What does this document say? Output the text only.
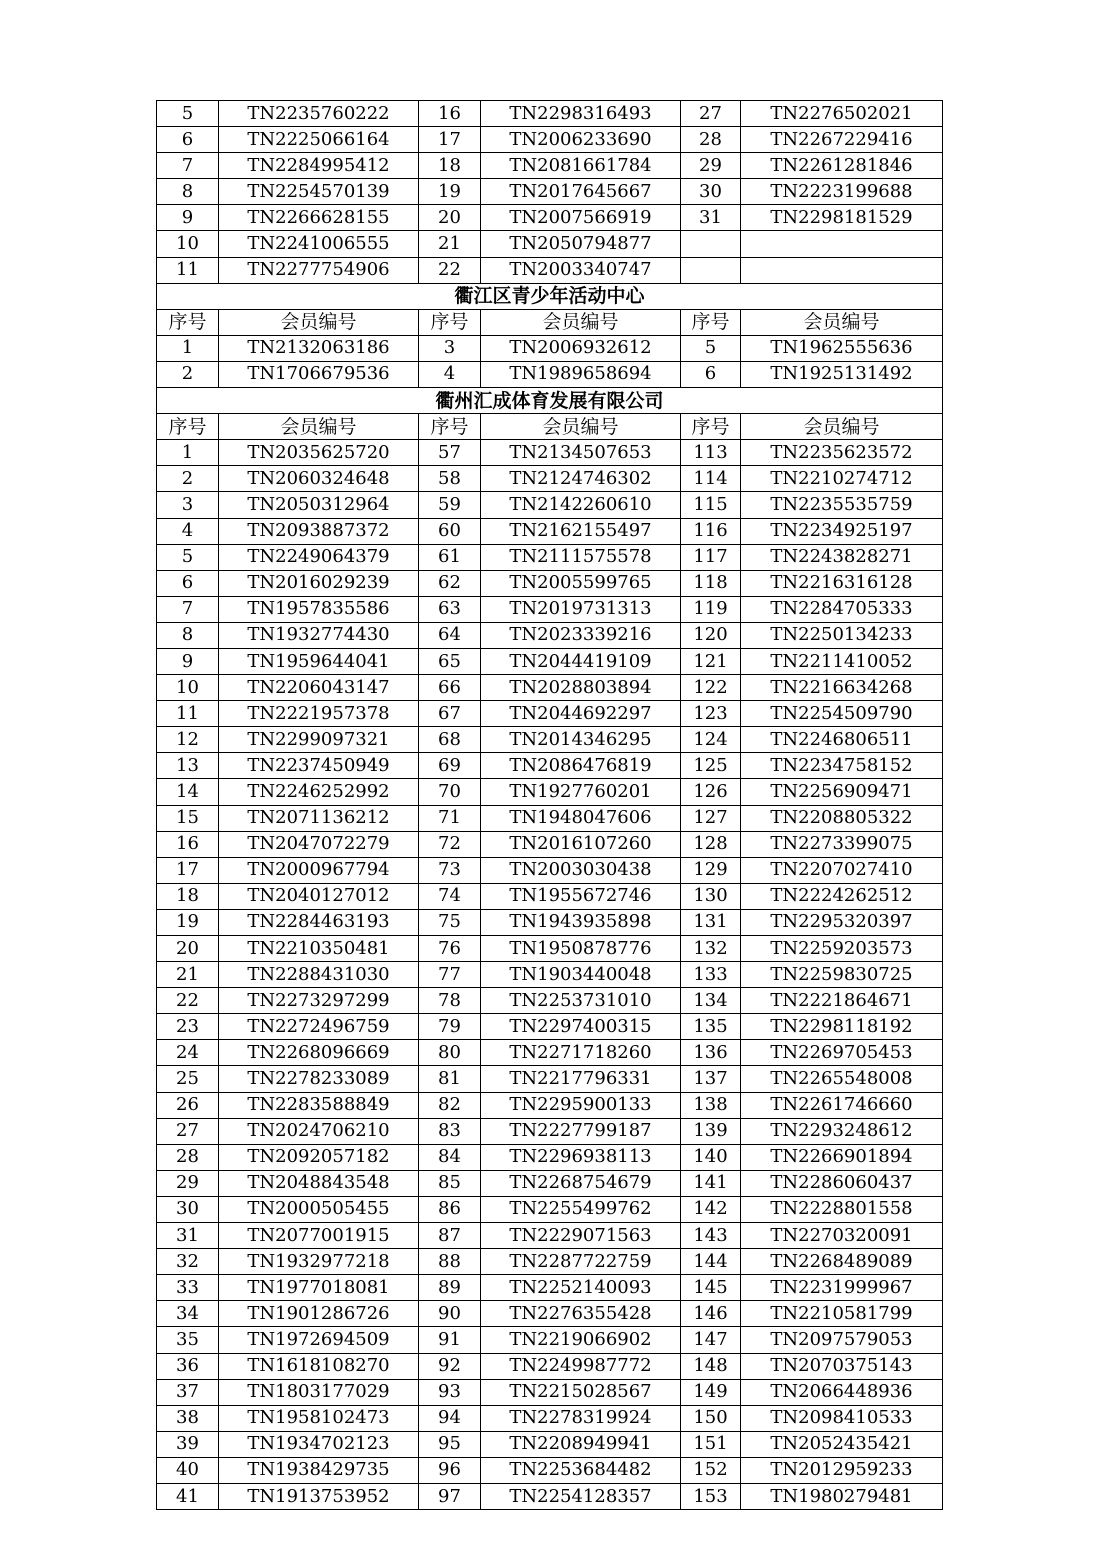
5	TN2235760222	16	TN2298316493	27	TN2276502021
6	TN2225066164	17	TN2006233690	28	TN2267229416
7	TN2284995412	18	TN2081661784	29	TN2261281846
8	TN2254570139	19	TN2017645667	30	TN2223199688
9	TN2266628155	20	TN2007566919	31	TN2298181529
10	TN2241006555	21	TN2050794877		
11	TN2277754906	22	TN2003340747		
衢江区青少年活动中心					
序号	会员编号	序号	会员编号	序号	会员编号
1	TN2132063186	3	TN2006932612	5	TN1962555636
2	TN1706679536	4	TN1989658694	6	TN1925131492
衢州汇成体育发展有限公司					
序号	会员编号	序号	会员编号	序号	会员编号
1	TN2035625720	57	TN2134507653	113	TN2235623572
2	TN2060324648	58	TN2124746302	114	TN2210274712
3	TN2050312964	59	TN2142260610	115	TN2235535759
4	TN2093887372	60	TN2162155497	116	TN2234925197
5	TN2249064379	61	TN2111575578	117	TN2243828271
6	TN2016029239	62	TN2005599765	118	TN2216316128
7	TN1957835586	63	TN2019731313	119	TN2284705333
8	TN1932774430	64	TN2023339216	120	TN2250134233
9	TN1959644041	65	TN2044419109	121	TN2211410052
10	TN2206043147	66	TN2028803894	122	TN2216634268
11	TN2221957378	67	TN2044692297	123	TN2254509790
12	TN2299097321	68	TN2014346295	124	TN2246806511
13	TN2237450949	69	TN2086476819	125	TN2234758152
14	TN2246252992	70	TN1927760201	126	TN2256909471
15	TN2071136212	71	TN1948047606	127	TN2208805322
16	TN2047072279	72	TN2016107260	128	TN2273399075
17	TN2000967794	73	TN2003030438	129	TN2207027410
18	TN2040127012	74	TN1955672746	130	TN2224262512
19	TN2284463193	75	TN1943935898	131	TN2295320397
20	TN2210350481	76	TN1950878776	132	TN2259203573
21	TN2288431030	77	TN1903440048	133	TN2259830725
22	TN2273297299	78	TN2253731010	134	TN2221864671
23	TN2272496759	79	TN2297400315	135	TN2298118192
24	TN2268096669	80	TN2271718260	136	TN2269705453
25	TN2278233089	81	TN2217796331	137	TN2265548008
26	TN2283588849	82	TN2295900133	138	TN2261746660
27	TN2024706210	83	TN2227799187	139	TN2293248612
28	TN2092057182	84	TN2296938113	140	TN2266901894
29	TN2048843548	85	TN2268754679	141	TN2286060437
30	TN2000505455	86	TN2255499762	142	TN2228801558
31	TN2077001915	87	TN2229071563	143	TN2270320091
32	TN1932977218	88	TN2287722759	144	TN2268489089
33	TN1977018081	89	TN2252140093	145	TN2231999967
34	TN1901286726	90	TN2276355428	146	TN2210581799
35	TN1972694509	91	TN2219066902	147	TN2097579053
36	TN1618108270	92	TN2249987772	148	TN2070375143
37	TN1803177029	93	TN2215028567	149	TN2066448936
38	TN1958102473	94	TN2278319924	150	TN2098410533
39	TN1934702123	95	TN2208949941	151	TN2052435421
40	TN1938429735	96	TN2253684482	152	TN2012959233
41	TN1913753952	97	TN2254128357	153	TN1980279481
